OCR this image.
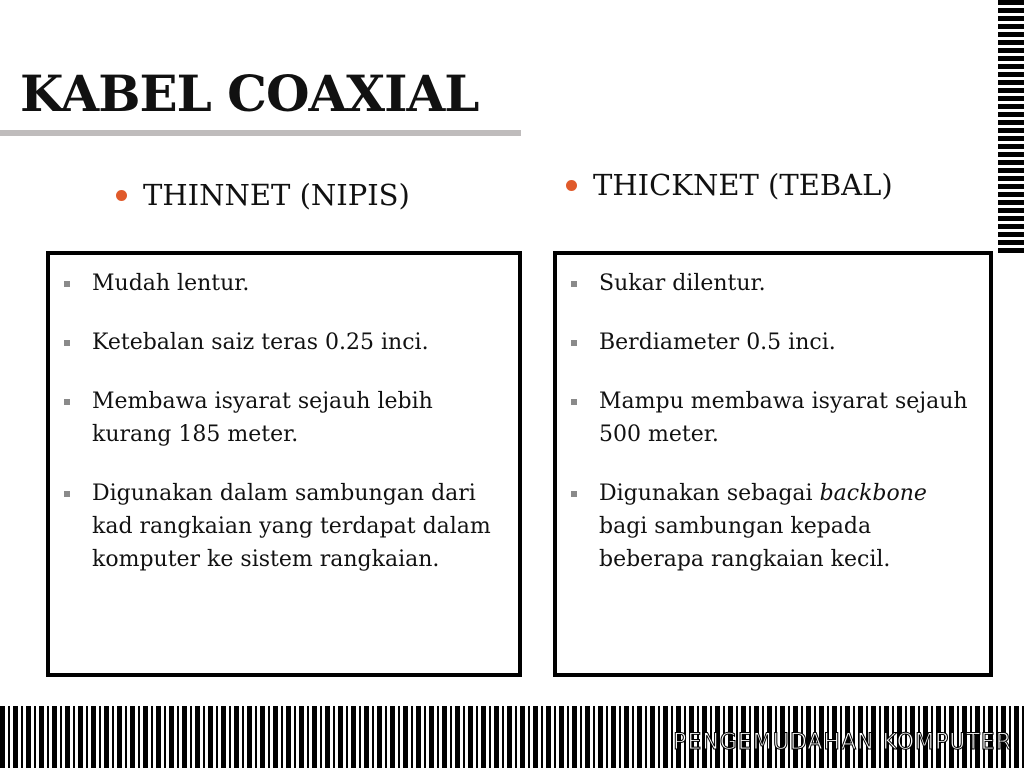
PENGEMUDAHAN KOMPUTER
KABEL COAXIAL
THINNET (NIPIS)	THICKNET (TEBAL)
Mudah lentur.
Ketebalan saiz teras 0.25 inci.
Membawa isyarat sejauh lebih kurang 185 meter.
Digunakan dalam sambungan dari kad rangkaian yang terdapat dalam komputer ke sistem rangkaian.
Sukar dilentur.
Berdiameter 0.5 inci.
Mampu membawa isyarat sejauh 500 meter.
Digunakan sebagai backbone bagi sambungan kepada beberapa rangkaian kecil.
